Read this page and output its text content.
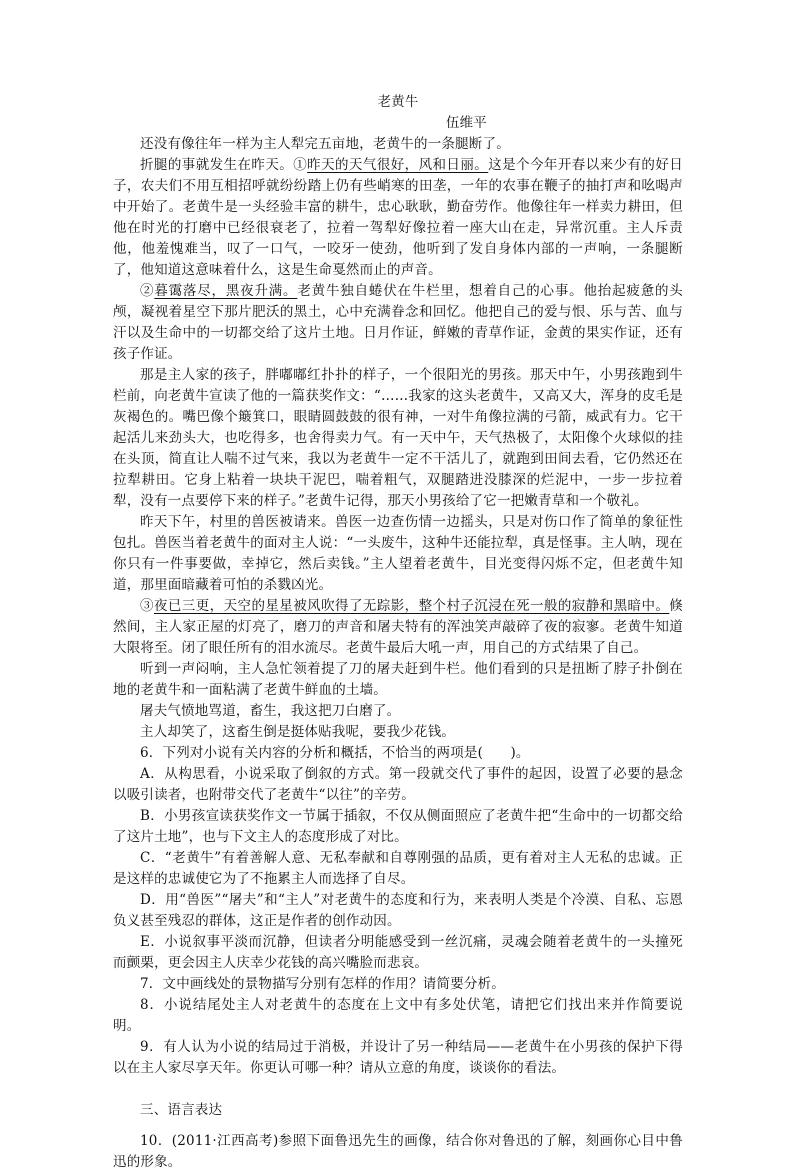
老黄牛
伍维平

还没有像往年一样为主人犁完五亩地，老黄牛的一条腿断了。

折腿的事就发生在昨天。①昨天的天气很好，风和日丽。这是个今年开春以来少有的好日子，农夫们不用互相招呼就纷纷踏上仍有些峭寒的田垄，一年的农事在鞭子的抽打声和吆喝声中开始了。老黄牛是一头经验丰富的耕牛，忠心耿耿，勤奋劳作。他像往年一样卖力耕田，但他在时光的打磨中已经很衰老了，拉着一驾犁好像拉着一座大山在走，异常沉重。主人斥责他，他羞愧难当，叹了一口气，一咬牙一使劲，他听到了发自身体内部的一声响，一条腿断了，他知道这意味着什么，这是生命戛然而止的声音。

②暮霭落尽，黑夜升满。老黄牛独自蜷伏在牛栏里，想着自己的心事。他抬起疲惫的头颅，凝视着星空下那片肥沃的黑土，心中充满眷念和回忆。他把自己的爱与恨、乐与苦、血与汗以及生命中的一切都交给了这片土地。日月作证，鲜嫩的青草作证，金黄的果实作证，还有孩子作证。

那是主人家的孩子，胖嘟嘟红扑扑的样子，一个很阳光的男孩。那天中午，小男孩跑到牛栏前，向老黄牛宣读了他的一篇获奖作文：“……我家的这头老黄牛，又高又大，浑身的皮毛是灰褐色的。嘴巴像个簸箕口，眼睛圆鼓鼓的很有神，一对牛角像拉满的弓箭，威武有力。它干起活儿来劲头大，也吃得多，也舍得卖力气。有一天中午，天气热极了，太阳像个火球似的挂在头顶，简直让人喘不过气来，我以为老黄牛一定不干活儿了，就跑到田间去看，它仍然还在拉犁耕田。它身上粘着一块块干泥巴，喘着粗气，双腿踏进没膝深的烂泥中，一步一步拉着犁，没有一点要停下来的样子。”老黄牛记得，那天小男孩给了它一把嫩青草和一个敬礼。

昨天下午，村里的兽医被请来。兽医一边查伤情一边摇头，只是对伤口作了简单的象征性包扎。兽医当着老黄牛的面对主人说：“一头废牛，这种牛还能拉犁，真是怪事。主人呐，现在你只有一件事要做，幸掉它，然后卖钱。”主人望着老黄牛，目光变得闪烁不定，但老黄牛知道，那里面暗藏着可怕的杀戮凶光。

③夜已三更，天空的星星被风吹得了无踪影，整个村子沉浸在死一般的寂静和黑暗中。倏然间，主人家正屋的灯亮了，磨刀的声音和屠夫特有的浑浊笑声敲碎了夜的寂寥。老黄牛知道大限将至。闭了眼任所有的泪水流尽。老黄牛最后大吼一声，用自己的方式结果了自己。

听到一声闷响，主人急忙领着提了刀的屠夫赶到牛栏。他们看到的只是扭断了脖子扑倒在地的老黄牛和一面粘满了老黄牛鲜血的土墙。

屠夫气愤地骂道，畜生，我这把刀白磨了。

主人却笑了，这畜生倒是挺体贴我呢，要我少花钱。

6．下列对小说有关内容的分析和概括，不恰当的两项是(　　)。

A．从构思看，小说采取了倒叙的方式。第一段就交代了事件的起因，设置了必要的悬念以吸引读者，也附带交代了老黄牛“以往”的辛劳。

B．小男孩宣读获奖作文一节属于插叙，不仅从侧面照应了老黄牛把“生命中的一切都交给了这片土地”，也与下文主人的态度形成了对比。

C．“老黄牛”有着善解人意、无私奉献和自尊刚强的品质，更有着对主人无私的忠诚。正是这样的忠诚使它为了不拖累主人而选择了自尽。

D．用“兽医”“屠夫”和“主人”对老黄牛的态度和行为，来表明人类是个冷漠、自私、忘恩负义甚至残忍的群体，这正是作者的创作动因。

E．小说叙事平淡而沉静，但读者分明能感受到一丝沉痛，灵魂会随着老黄牛的一头撞死而颤栗，更会因主人庆幸少花钱的高兴嘴脸而悲哀。

7．文中画线处的景物描写分别有怎样的作用？请简要分析。

8．小说结尾处主人对老黄牛的态度在上文中有多处伏笔，请把它们找出来并作简要说明。

9．有人认为小说的结局过于消极，并设计了另一种结局——老黄牛在小男孩的保护下得以在主人家尽享天年。你更认可哪一种？请从立意的角度，谈谈你的看法。

三、语言表达

10．(2011·江西高考)参照下面鲁迅先生的画像，结合你对鲁迅的了解，刻画你心目中鲁迅的形象。
